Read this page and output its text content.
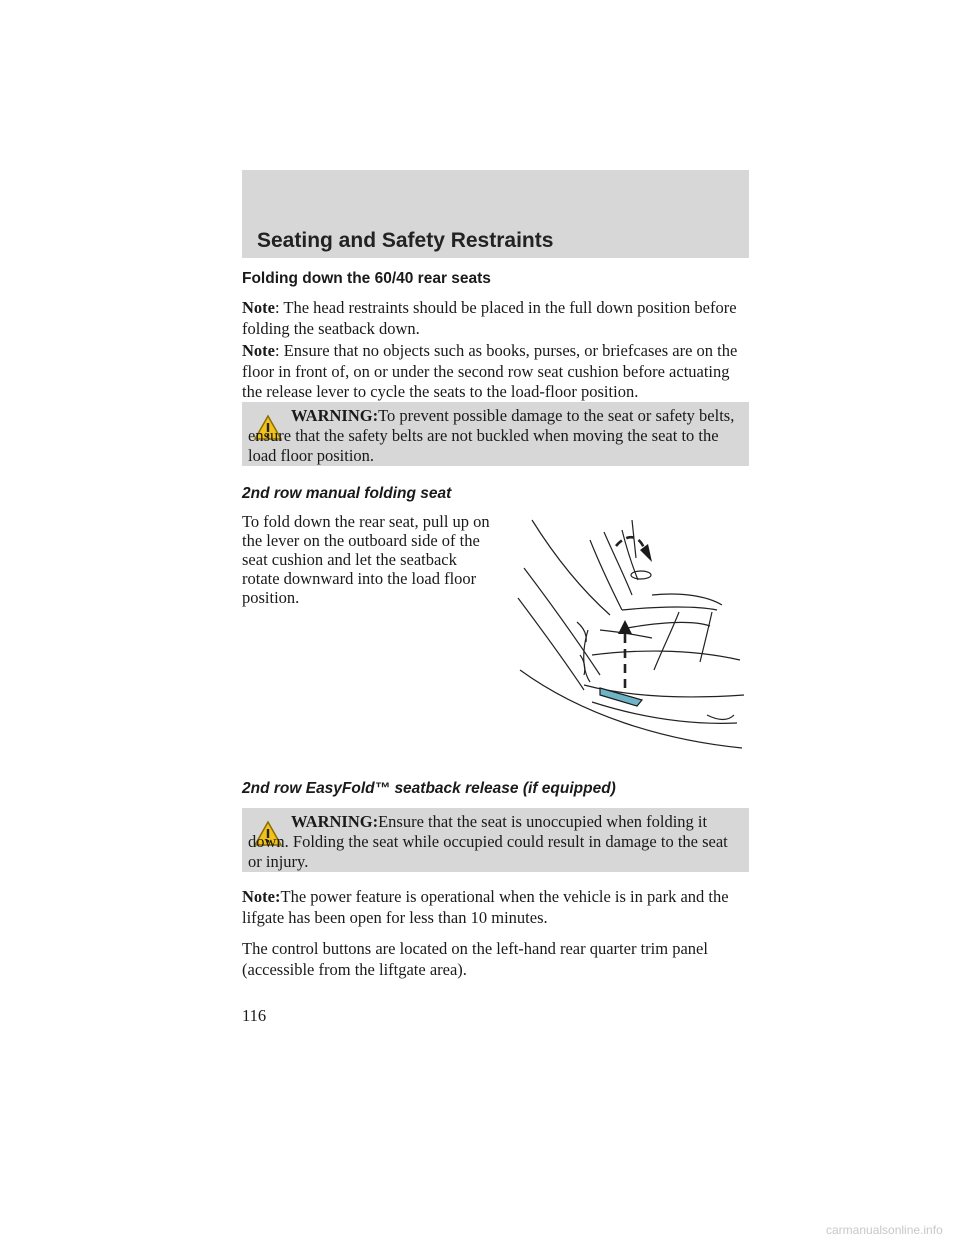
Seating and Safety Restraints
Folding down the 60/40 rear seats

Note: The head restraints should be placed in the full down position before folding the seatback down.

Note: Ensure that no objects such as books, purses, or briefcases are on the floor in front of, on or under the second row seat cushion before actuating the release lever to cycle the seats to the load-floor position.

WARNING:To prevent possible damage to the seat or safety belts, ensure that the safety belts are not buckled when moving the seat to the load floor position.

2nd row manual folding seat

To fold down the rear seat, pull up on the lever on the outboard side of the seat cushion and let the seatback rotate downward into the load floor position.

2nd row EasyFold™ seatback release (if equipped)

WARNING:Ensure that the seat is unoccupied when folding it down. Folding the seat while occupied could result in damage to the seat or injury.

Note:The power feature is operational when the vehicle is in park and the lifgate has been open for less than 10 minutes.

The control buttons are located on the left-hand rear quarter trim panel (accessible from the liftgate area).

116

carmanualsonline.info
